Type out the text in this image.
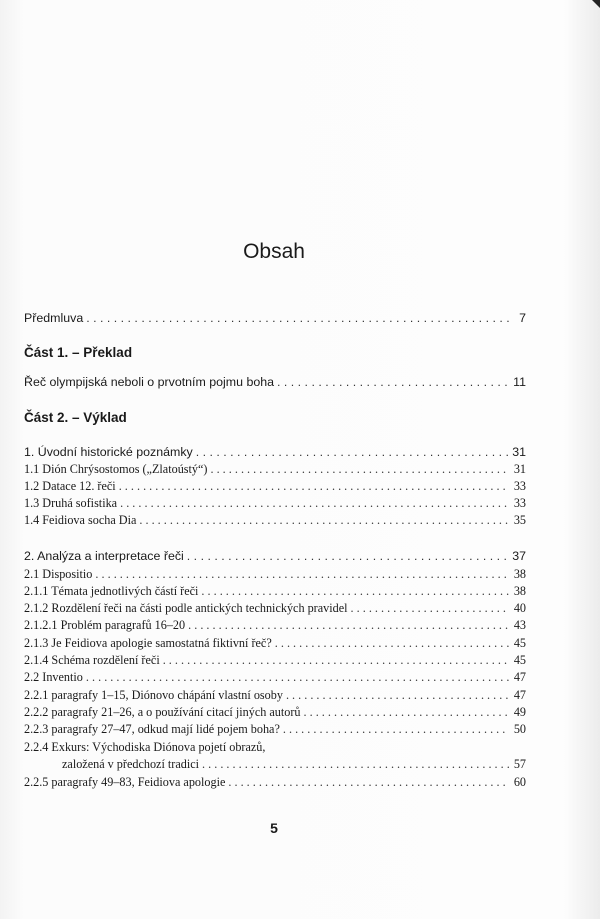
Obsah
Předmluva . . .	7
Část 1. – Překlad
Řeč olympijská neboli o prvotním pojmu boha . . .	11
Část 2. – Výklad
1. Úvodní historické poznámky . . .	31
1.1 Dión Chrýsostomos („Zlatoústý“) . . .	31
1.2 Datace 12. řeči . . .	33
1.3 Druhá sofistika . . .	33
1.4 Feidiova socha Dia . . .	35
2. Analýza a interpretace řeči . . .	37
2.1 Dispositio . . .	38
2.1.1 Témata jednotlivých částí řeči . . .	38
2.1.2 Rozdělení řeči na části podle antických technických pravidel . . .	40
2.1.2.1 Problém paragrafů 16–20 . . .	43
2.1.3 Je Feidiova apologie samostatná fiktivní řeč? . . .	45
2.1.4 Schéma rozdělení řeči . . .	45
2.2 Inventio . . .	47
2.2.1 paragrafy 1–15, Diónovo chápání vlastní osoby . . .	47
2.2.2 paragrafy 21–26, a o používání citací jiných autorů . . .	49
2.2.3 paragrafy 27–47, odkud mají lidé pojem boha? . . .	50
2.2.4 Exkurs: Východiska Diónova pojetí obrazů,
založená v předchozí tradici . . .	57
2.2.5 paragrafy 49–83, Feidiova apologie . . .	60
5
